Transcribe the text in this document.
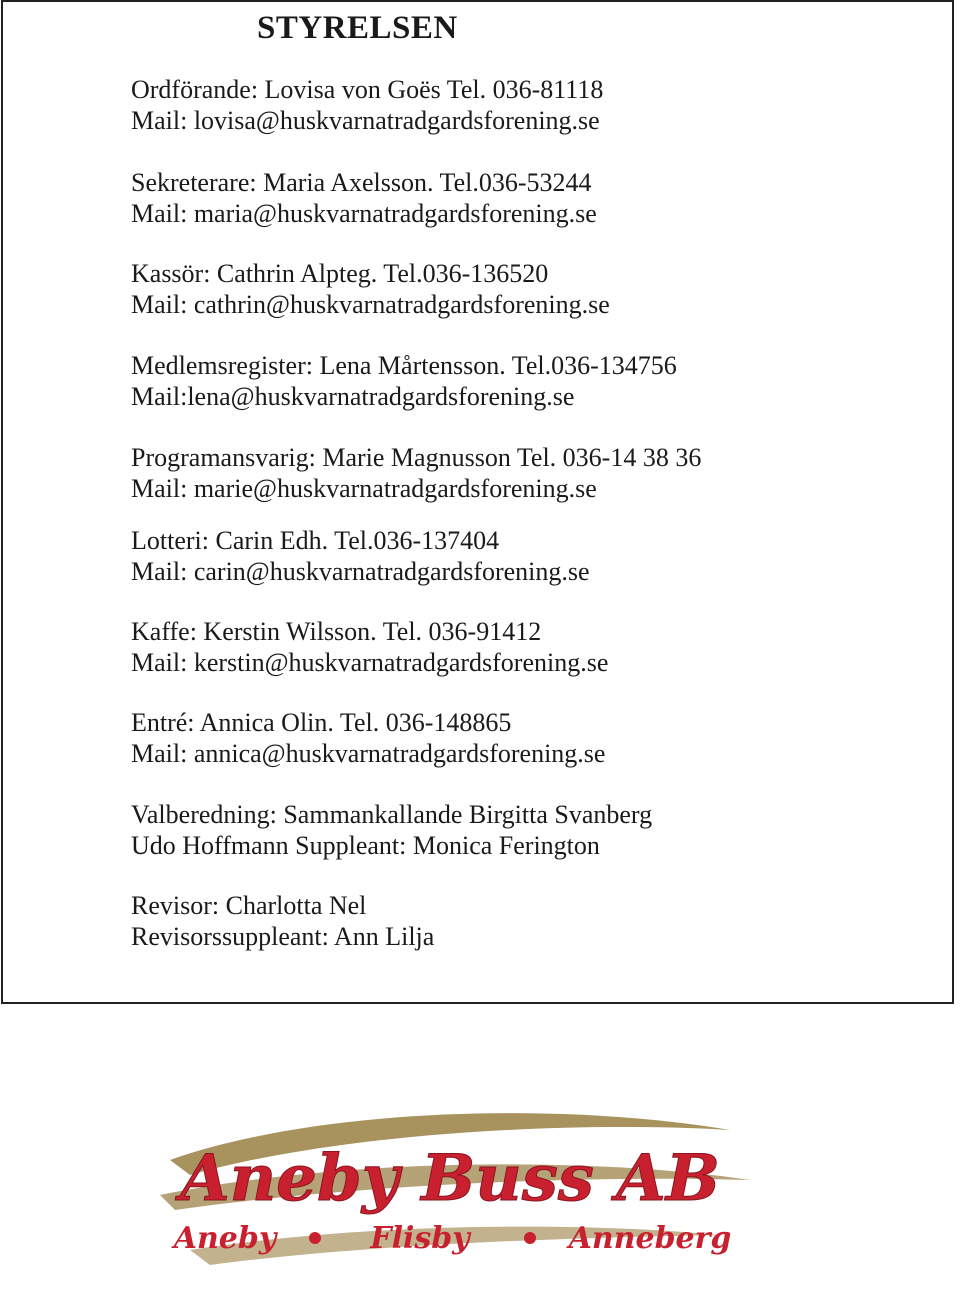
STYRELSEN
Ordförande: Lovisa von Goës Tel. 036-81118
Mail: lovisa@huskvarnatradgardsforening.se
Sekreterare: Maria Axelsson. Tel.036-53244
Mail: maria@huskvarnatradgardsforening.se
Kassör: Cathrin Alpteg. Tel.036-136520
Mail: cathrin@huskvarnatradgardsforening.se
Medlemsregister: Lena Mårtensson. Tel.036-134756
Mail:lena@huskvarnatradgardsforening.se
Programansvarig: Marie Magnusson Tel. 036-14 38 36
Mail: marie@huskvarnatradgardsforening.se
Lotteri: Carin Edh. Tel.036-137404
Mail: carin@huskvarnatradgardsforening.se
Kaffe: Kerstin Wilsson. Tel. 036-91412
Mail: kerstin@huskvarnatradgardsforening.se
Entré: Annica Olin. Tel. 036-148865
Mail: annica@huskvarnatradgardsforening.se
Valberedning: Sammankallande Birgitta Svanberg
Udo Hoffmann Suppleant: Monica Ferington
Revisor: Charlotta Nel
Revisorssuppleant: Ann Lilja
Aneby Buss AB
Aneby	Flisby	Anneberg
